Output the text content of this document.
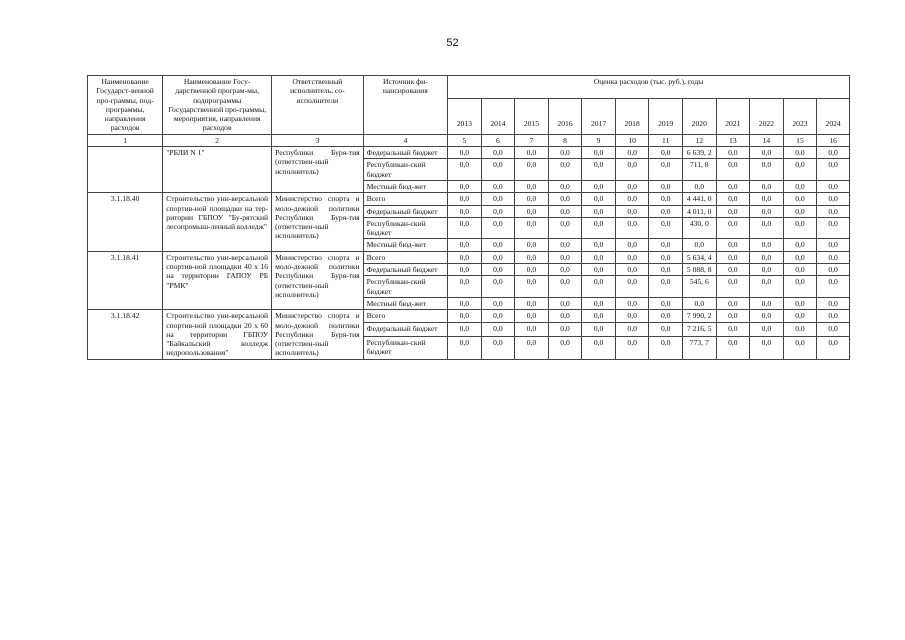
52
Наименование Государст-венной про-граммы, под-программы, направления расходов	Наименование Госу-дарственной програм-мы, подпрограммы Государственной про-граммы, мероприятия, направления расходов	Ответственный исполнитель, со-исполнители	Источник фи-нансирования	Оценка расходов (тыс. руб.), годы											
				2013	2014	2015	2016	2017	2018	2019	2020	2021	2022	2023	2024
1	2	3	4	5	6	7	8	9	10	11	12	13	14	15	16
	"РБЛИ N 1"	Республики Буря-тия (ответствен-ный исполнитель)	Федеральный бюджет	0,0	0,0	0,0	0,0	0,0	0,0	0,0	6 639, 2	0,0	0,0	0,0	0,0
			Республикан-ский бюджет	0,0	0,0	0,0	0,0	0,0	0,0	0,0	711, 8	0,0	0,0	0,0	0,0
			Местный бюд-жет	0,0	0,0	0,0	0,0	0,0	0,0	0,0	0,0	0,0	0,0	0,0	0,0
3.1.18.40	Строительство уни-версальной спортив-ной площадки на тер-ритории ГБПОУ "Бу-рятский лесопромыш-ленный колледж"	Министерство спорта и моло-дежной политики Республики Буря-тия (ответствен-ный исполнитель)	Всего	0,0	0,0	0,0	0,0	0,0	0,0	0,0	4 441, 0	0,0	0,0	0,0	0,0
			Федеральный бюджет	0,0	0,0	0,0	0,0	0,0	0,0	0,0	4 011, 0	0,0	0,0	0,0	0,0
			Республикан-ский бюджет	0,0	0,0	0,0	0,0	0,0	0,0	0,0	430, 0	0,0	0,0	0,0	0,0
			Местный бюд-жет	0,0	0,0	0,0	0,0	0,0	0,0	0,0	0,0	0,0	0,0	0,0	0,0
3.1.18.41	Строительство уни-версальной спортив-ной площадки 40 x 16 на территории ГАПОУ РБ "РМК"	Министерство спорта и моло-дежной политики Республики Буря-тия (ответствен-ный исполнитель)	Всего	0,0	0,0	0,0	0,0	0,0	0,0	0,0	5 634, 4	0,0	0,0	0,0	0,0
			Федеральный бюджет	0,0	0,0	0,0	0,0	0,0	0,0	0,0	5 088, 8	0,0	0,0	0,0	0,0
			Республикан-ский бюджет	0,0	0,0	0,0	0,0	0,0	0,0	0,0	545, 6	0,0	0,0	0,0	0,0
			Местный бюд-жет	0,0	0,0	0,0	0,0	0,0	0,0	0,0	0,0	0,0	0,0	0,0	0,0
3.1.18.42	Строительство уни-версальной спортив-ной площадки 20 x 60 на территории ГБПОУ "Байкальский колледж недропользования"	Министерство спорта и моло-дежной политики Республики Буря-тия (ответствен-ный исполнитель)	Всего	0,0	0,0	0,0	0,0	0,0	0,0	0,0	7 990, 2	0,0	0,0	0,0	0,0
			Федеральный бюджет	0,0	0,0	0,0	0,0	0,0	0,0	0,0	7 216, 5	0,0	0,0	0,0	0,0
			Республикан-ский бюджет	0,0	0,0	0,0	0,0	0,0	0,0	0,0	773, 7	0,0	0,0	0,0	0,0
